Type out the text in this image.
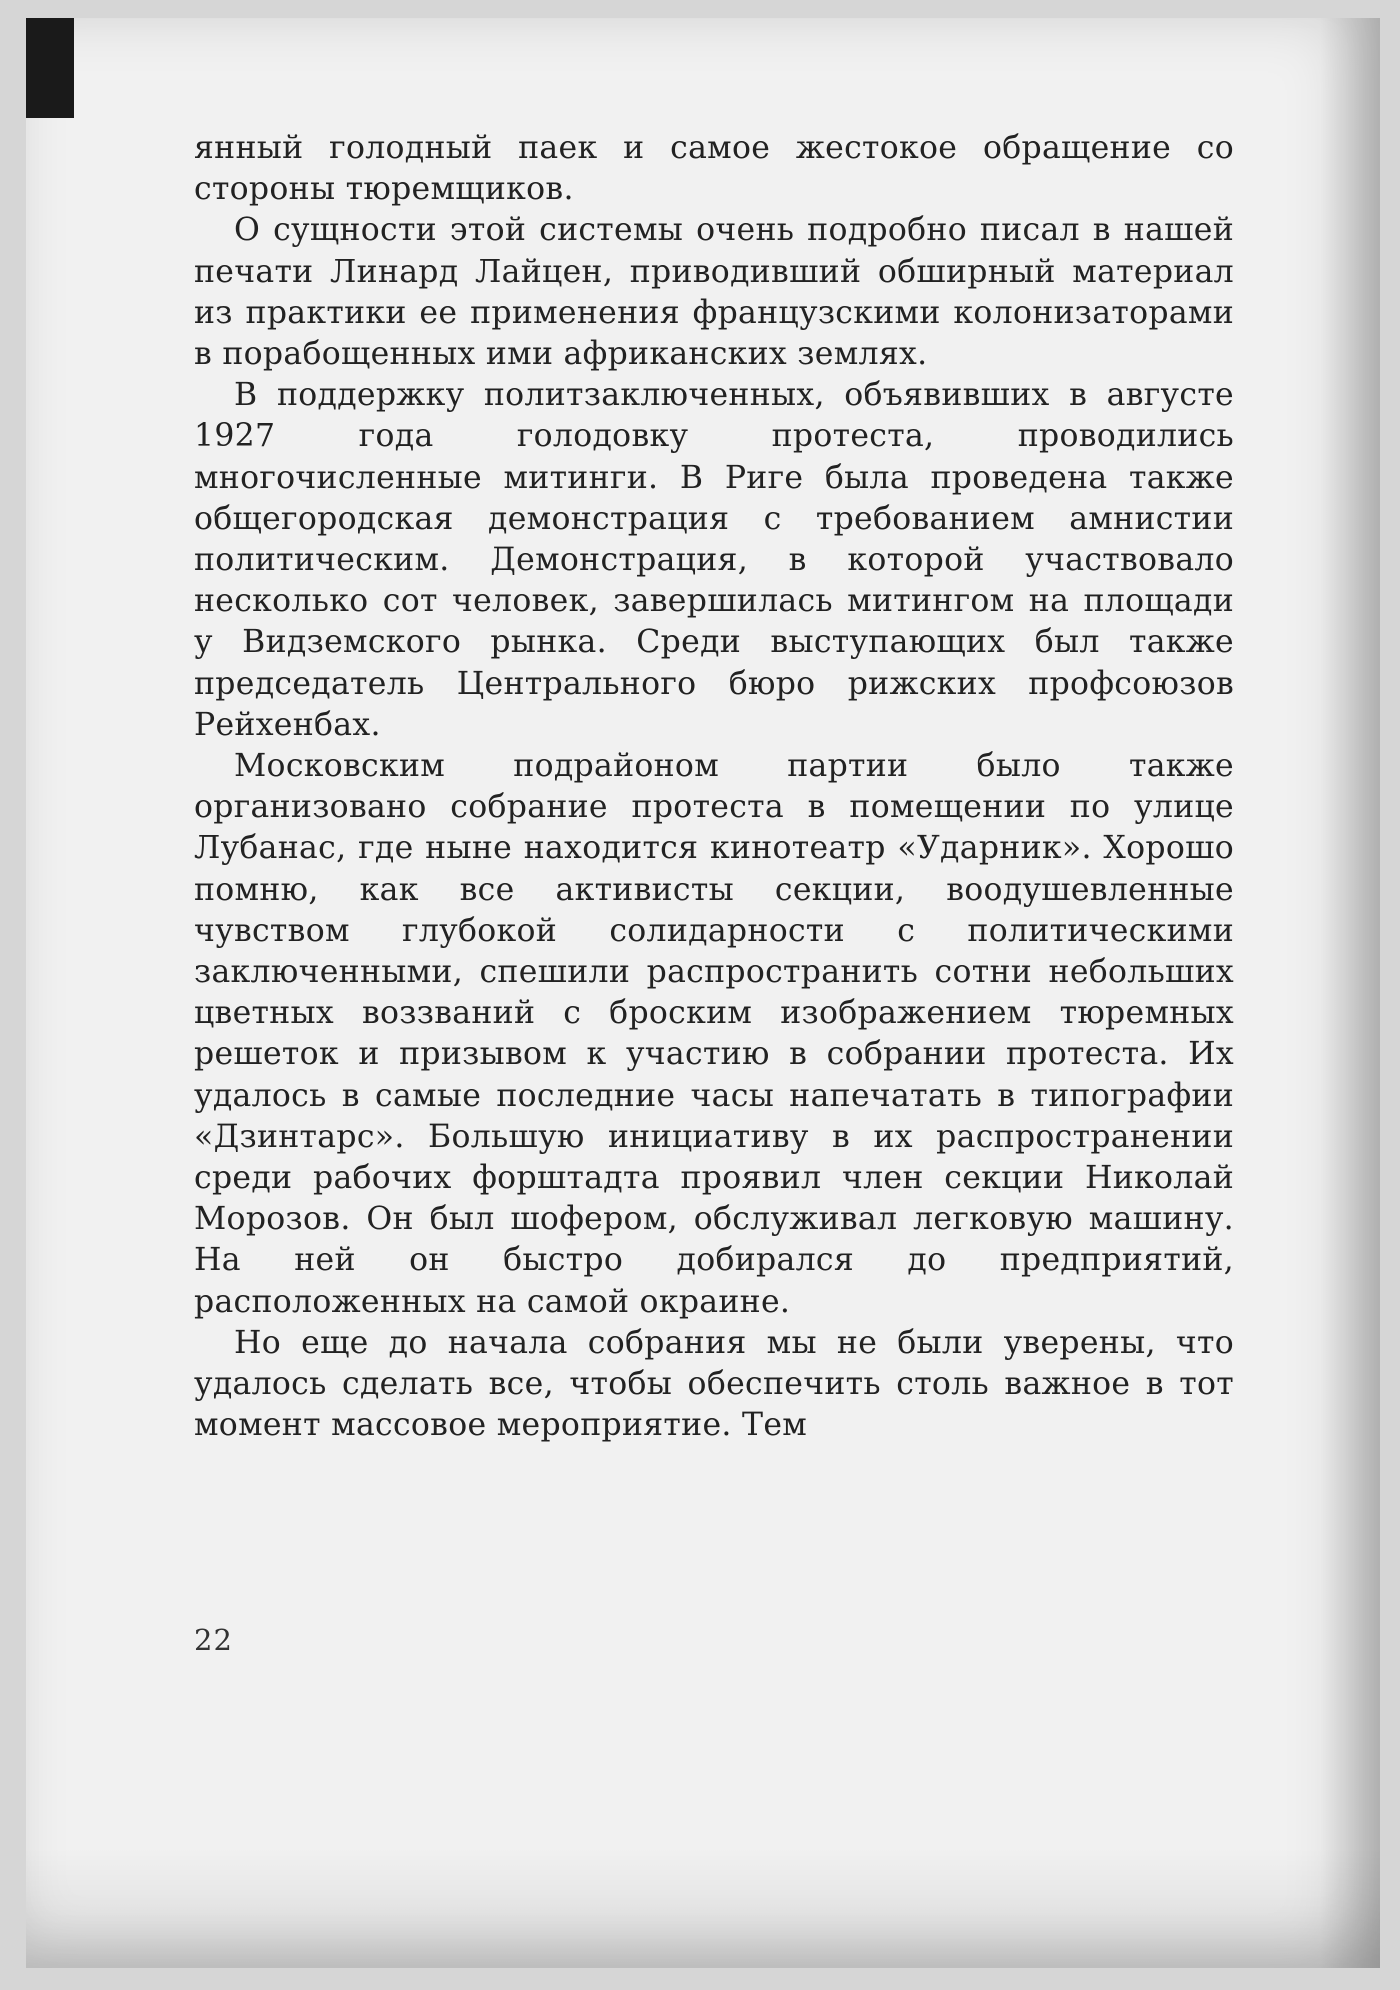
янный голодный паек и самое жестокое обращение со стороны тюремщиков.

О сущности этой системы очень подробно писал в нашей печати Линард Лайцен, приводивший обширный материал из практики ее применения французскими колонизаторами в порабощенных ими африканских землях.

В поддержку политзаключенных, объявивших в августе 1927 года голодовку протеста, проводились многочисленные митинги. В Риге была проведена также общегородская демонстрация с требованием амнистии политическим. Демонстрация, в которой участвовало несколько сот человек, завершилась митингом на площади у Видземского рынка. Среди выступающих был также председатель Центрального бюро рижских профсоюзов Рейхенбах.

Московским подрайоном партии было также организовано собрание протеста в помещении по улице Лубанас, где ныне находится кинотеатр «Ударник». Хорошо помню, как все активисты секции, воодушевленные чувством глубокой солидарности с политическими заключенными, спешили распространить сотни небольших цветных воззваний с броским изображением тюремных решеток и призывом к участию в собрании протеста. Их удалось в самые последние часы напечатать в типографии «Дзинтарс». Большую инициативу в их распространении среди рабочих форштадта проявил член секции Николай Морозов. Он был шофером, обслуживал легковую машину. На ней он быстро добирался до предприятий, расположенных на самой окраине.

Но еще до начала собрания мы не были уверены, что удалось сделать все, чтобы обеспечить столь важное в тот момент массовое мероприятие. Тем

22
